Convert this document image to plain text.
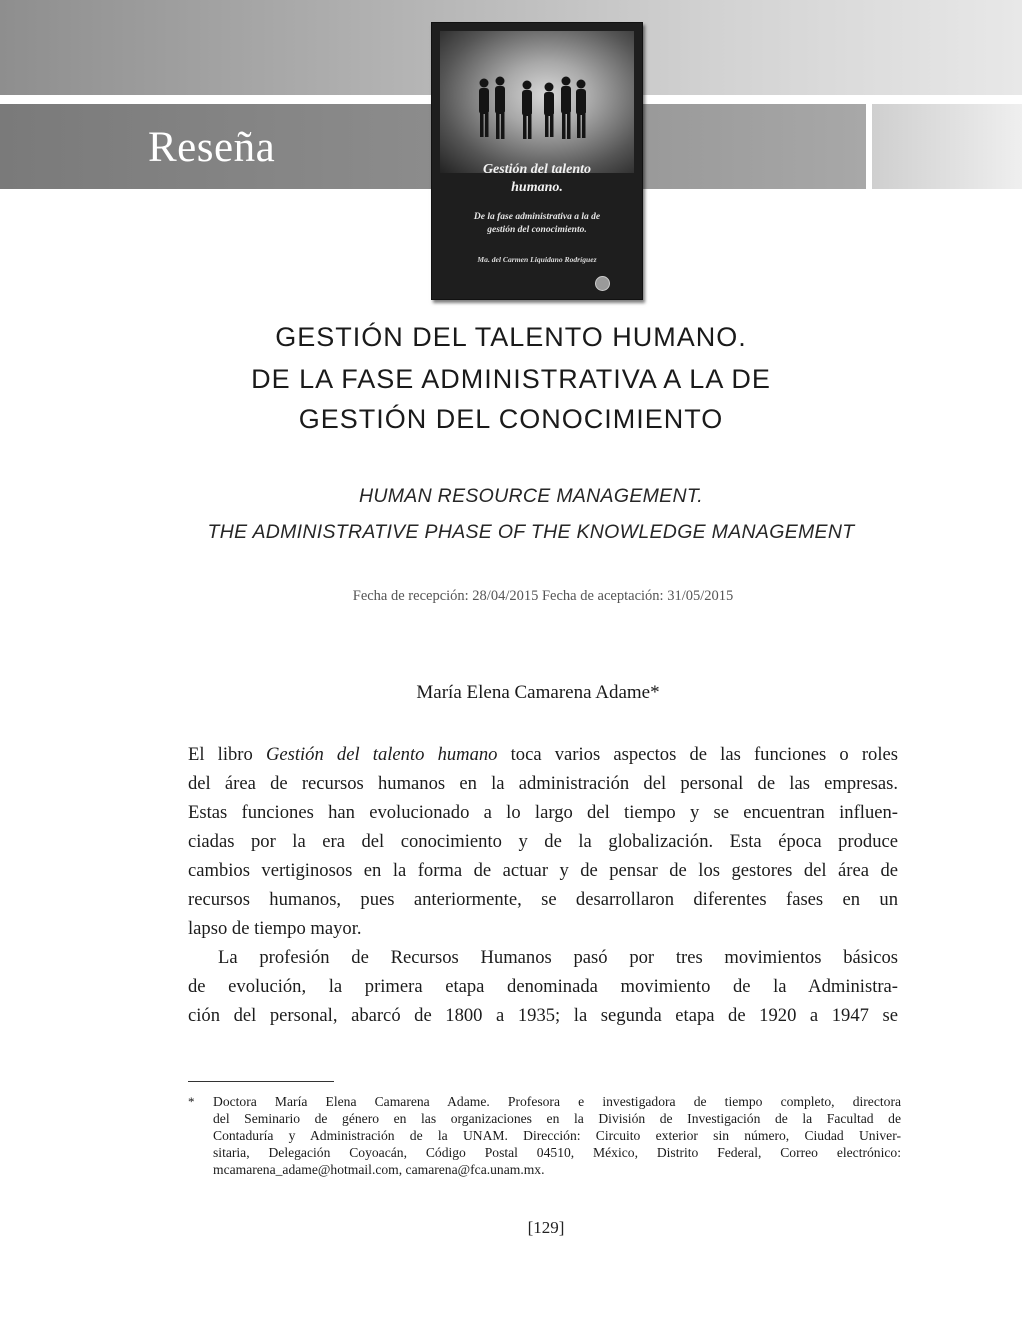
Reseña	Gestión del talento
humano.
De la fase administrativa a la de
gestión del conocimiento.
Ma. del Carmen Liquidano Rodríguez
GESTIÓN DEL TALENTO HUMANO.
DE LA FASE ADMINISTRATIVA A LA DE
GESTIÓN DEL CONOCIMIENTO
HUMAN RESOURCE MANAGEMENT.
THE ADMINISTRATIVE PHASE OF THE KNOWLEDGE MANAGEMENT
Fecha de recepción: 28/04/2015 Fecha de aceptación: 31/05/2015
María Elena Camarena Adame*
El libro Gestión del talento humano toca varios aspectos de las funciones o roles
del área de recursos humanos en la administración del personal de las empresas.
Estas funciones han evolucionado a lo largo del tiempo y se encuentran influen-
ciadas por la era del conocimiento y de la globalización. Esta época produce
cambios vertiginosos en la forma de actuar y de pensar de los gestores del área de
recursos humanos, pues anteriormente, se desarrollaron diferentes fases en un
lapso de tiempo mayor.
La profesión de Recursos Humanos pasó por tres movimientos básicos
de evolución, la primera etapa denominada movimiento de la Administra-
ción del personal, abarcó de 1800 a 1935; la segunda etapa de 1920 a 1947 se
* Doctora María Elena Camarena Adame. Profesora e investigadora de tiempo completo, directora
del Seminario de género en las organizaciones en la División de Investigación de la Facultad de
Contaduría y Administración de la UNAM. Dirección: Circuito exterior sin número, Ciudad Univer-
sitaria, Delegación Coyoacán, Código Postal 04510, México, Distrito Federal, Correo electrónico:
mcamarena_adame@hotmail.com, camarena@fca.unam.mx.
[129]
